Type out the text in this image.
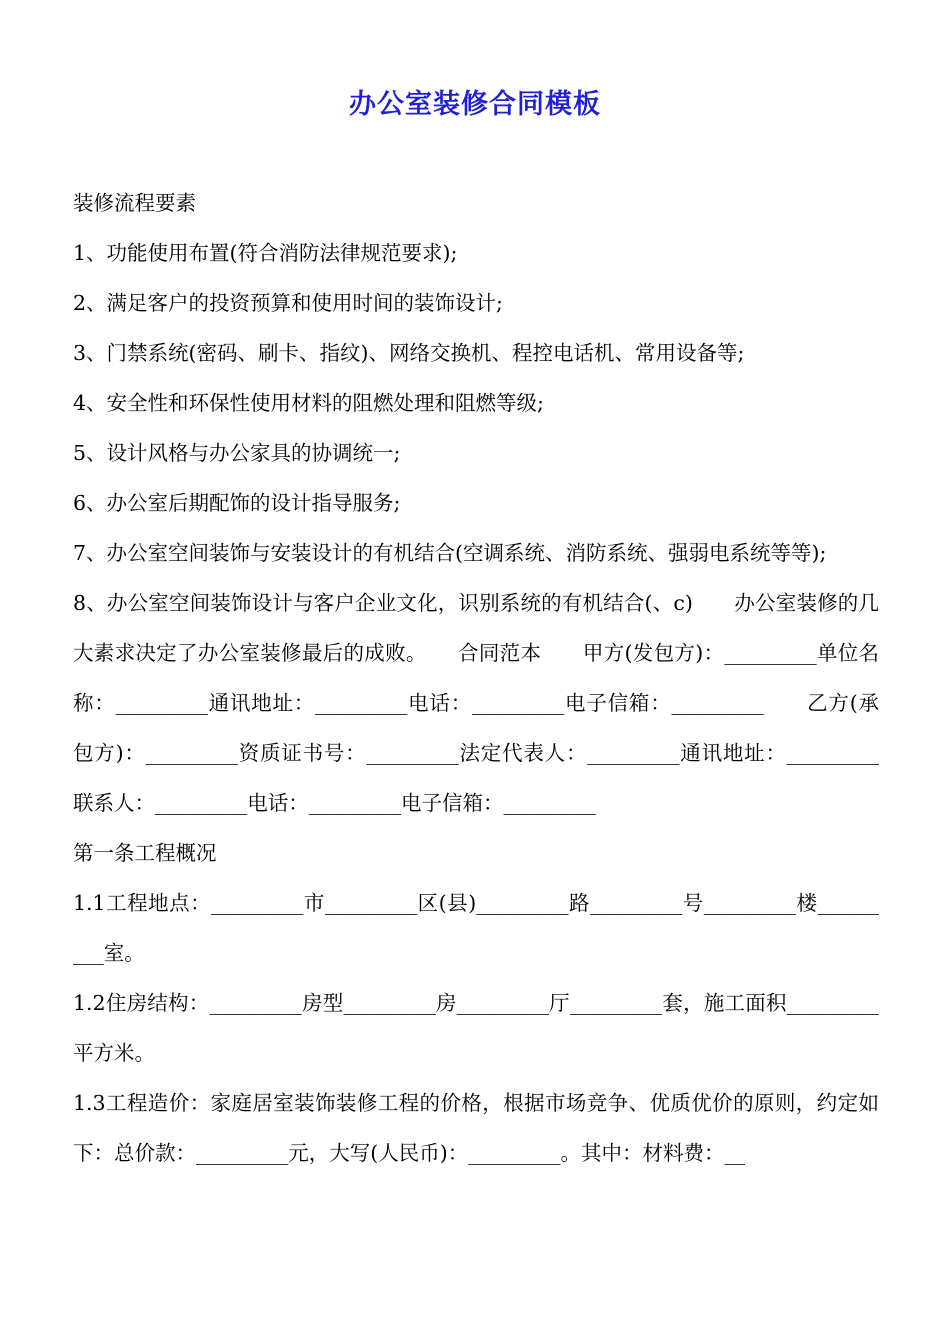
办公室装修合同模板

装修流程要素

1、功能使用布置(符合消防法律规范要求);

2、满足客户的投资预算和使用时间的装饰设计;

3、门禁系统(密码、刷卡、指纹)、网络交换机、程控电话机、常用设备等;

4、安全性和环保性使用材料的阻燃处理和阻燃等级;

5、设计风格与办公家具的协调统一;

6、办公室后期配饰的设计指导服务;

7、办公室空间装饰与安装设计的有机结合(空调系统、消防系统、强弱电系统等等);

8、办公室空间装饰设计与客户企业文化，识别系统的有机结合(、c)　　办公室装修的几大素求决定了办公室装修最后的成败。　　合同范本　　甲方(发包方)：_________单位名称：_________通讯地址：_________电话：_________电子信箱：_________　　乙方(承包方)：_________资质证书号：_________法定代表人：_________通讯地址：_________联系人：_________电话：_________电子信箱：_________

第一条工程概况

1.1工程地点：_________市_________区(县)_________路_________号_________楼_________室。

1.2住房结构：_________房型_________房_________厅_________套，施工面积_________平方米。

1.3工程造价：家庭居室装饰装修工程的价格，根据市场竞争、优质优价的原则，约定如下：总价款：_________元，大写(人民币)：_________。其中：材料费：__
